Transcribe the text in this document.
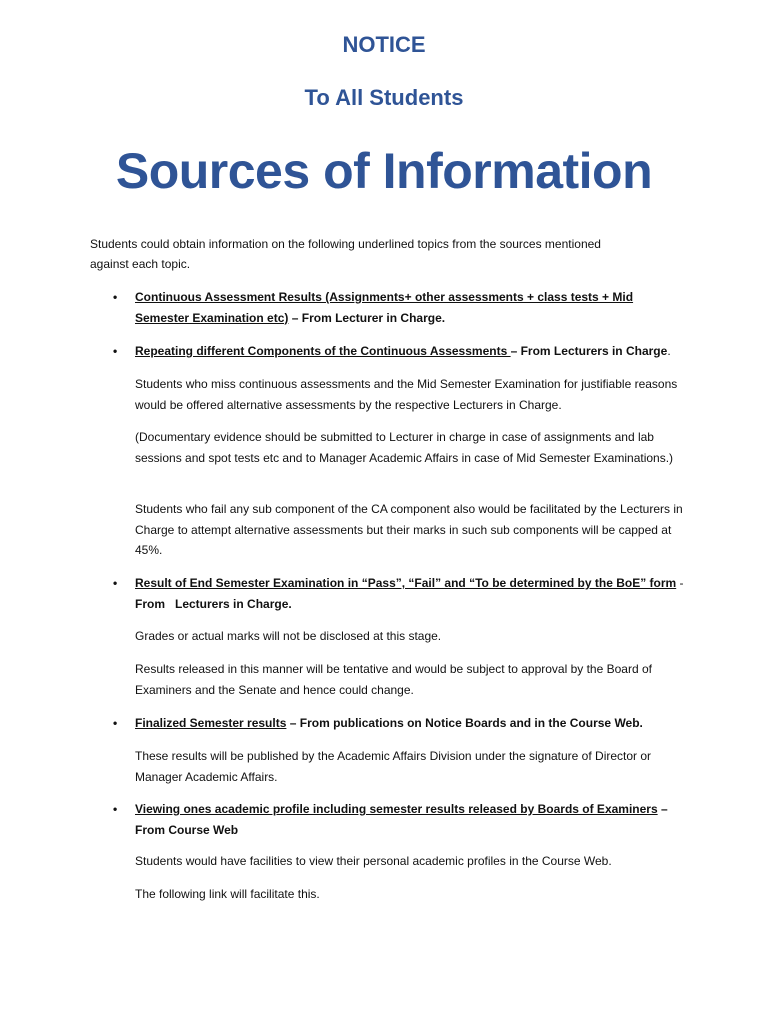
NOTICE
To All Students
Sources of Information
Students could obtain information on the following underlined topics from the sources mentioned
against each topic.
• Continuous Assessment Results (Assignments+ other assessments + class tests + Mid Semester Examination etc) – From Lecturer in Charge.
• Repeating different Components of the Continuous Assessments – From Lecturers in Charge.
Students who miss continuous assessments and the Mid Semester Examination for justifiable reasons would be offered alternative assessments by the respective Lecturers in Charge.
(Documentary evidence should be submitted to Lecturer in charge in case of assignments and lab sessions and spot tests etc and to Manager Academic Affairs in case of Mid Semester Examinations.)
Students who fail any sub component of the CA component also would be facilitated by the Lecturers in Charge to attempt alternative assessments but their marks in such sub components will be capped at 45%.
• Result of End Semester Examination in “Pass”, “Fail” and “To be determined by the BoE” form -
From   Lecturers in Charge.
Grades or actual marks will not be disclosed at this stage.
Results released in this manner will be tentative and would be subject to approval by the Board of Examiners and the Senate and hence could change.
• Finalized Semester results – From publications on Notice Boards and in the Course Web.
These results will be published by the Academic Affairs Division under the signature of Director or Manager Academic Affairs.
• Viewing ones academic profile including semester results released by Boards of Examiners –
From Course Web
Students would have facilities to view their personal academic profiles in the Course Web.
The following link will facilitate this.
